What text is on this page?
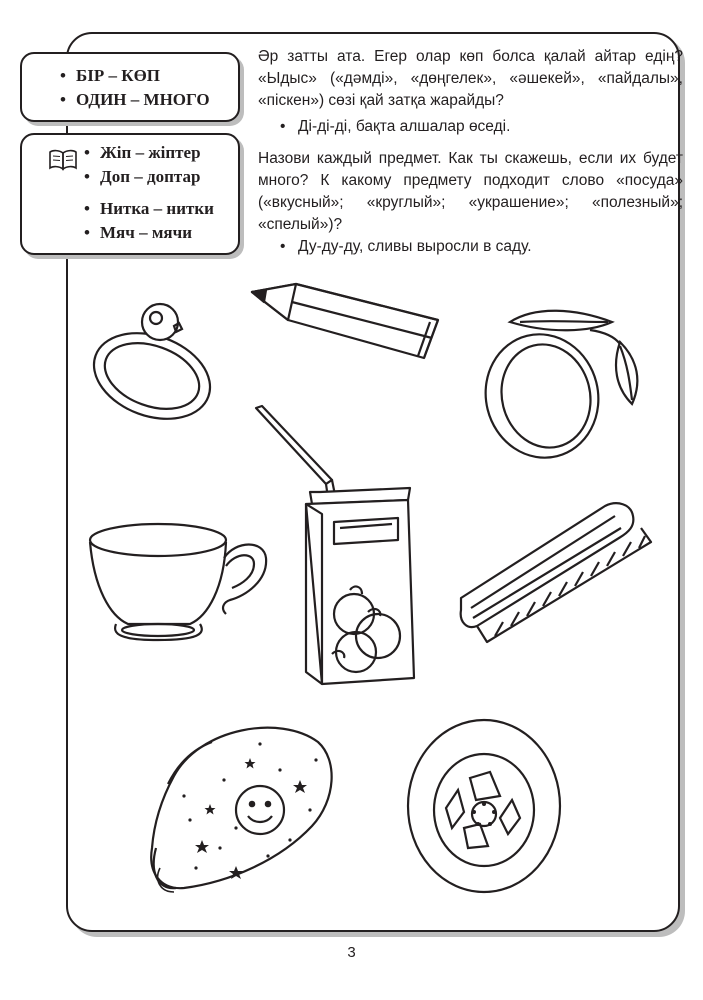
• БІР – КӨП
• ОДИН – МНОГО
• Жіп – жіптер
• Доп – доптар
• Нитка – нитки
• Мяч – мячи

Әр затты ата. Егер олар көп болса қалай айтар едің? «Ыдыс» («дәмді», «дөңгелек», «әшекей», «пайдалы», «піскен») сөзі қай затқа жарайды?

• Ді-ді-ді, бақта алшалар өседі.

Назови каждый предмет. Как ты скажешь, если их будет много? К какому предмету подходит слово «посуда» («вкусный»; «круглый»; «украшение»; «полезный»; «спелый»)?

• Ду-ду-ду, сливы выросли в саду.

3
